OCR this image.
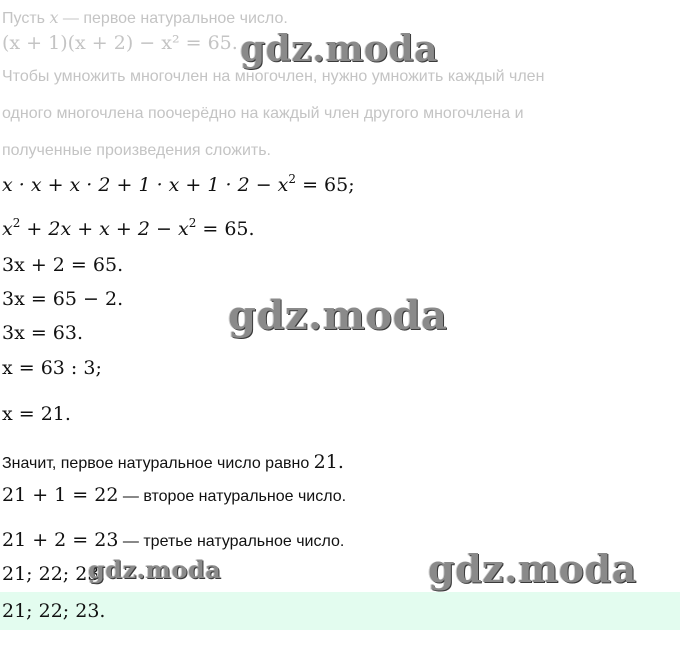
Пусть x — первое натуральное число.
(x + 1)(x + 2) − x² = 65.
Чтобы умножить многочлен на многочлен, нужно умножить каждый член
одного многочлена поочерёдно на каждый член другого многочлена и
полученные произведения сложить.
$x \cdot x + x \cdot 2 + 1 \cdot x + 1 \cdot 2 - x^2 = 65$;
$x^2 + 2x + x + 2 - x^2 = 65$.
3x + 2 = 65.
3x = 65 − 2.
3x = 63.
x = 63 : 3;
x = 21.
Значит, первое натуральное число равно 21.
21 + 1 = 22 — второе натуральное число.
21 + 2 = 23 — третье натуральное число.
21; 22; 23.
21; 22; 23.
gdz.moda
gdz.moda
gdz.moda	gdz.moda
